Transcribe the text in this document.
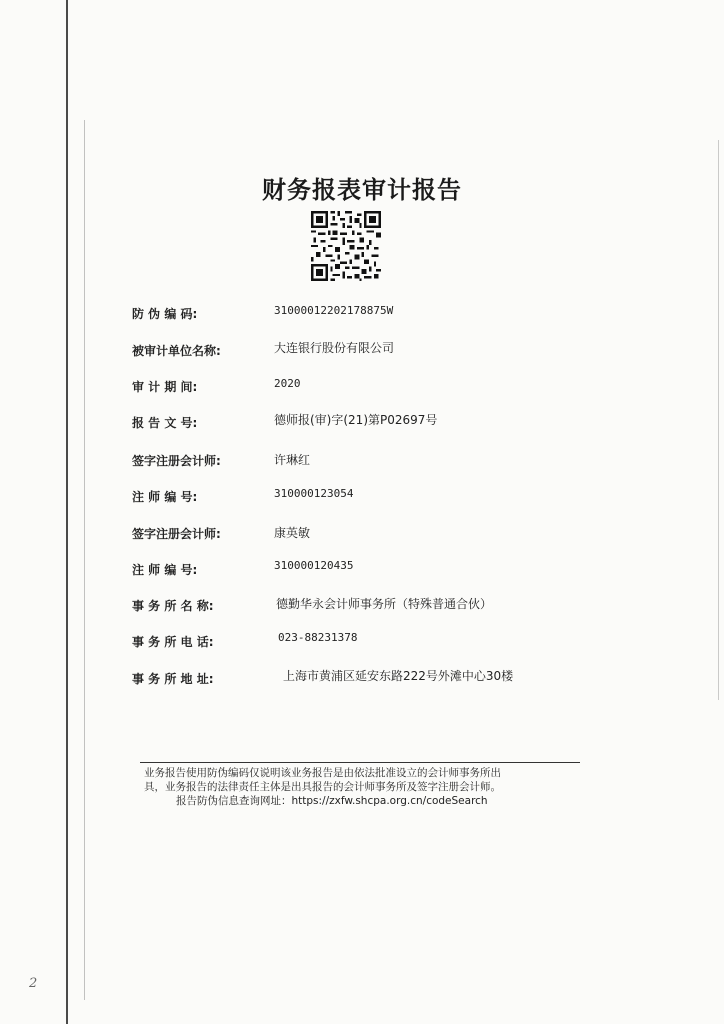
财务报表审计报告
防 伪 编 码:
被审计单位名称:
审 计 期 间:
报 告 文 号:
签字注册会计师:
注 师 编 号:
签字注册会计师:
注 师 编 号:
事 务 所 名 称:
事 务 所 电 话:
事 务 所 地 址:
31000012202178875W
大连银行股份有限公司
2020
德师报(审)字(21)第P02697号
许琳红
310000123054
康英敏
310000120435
德勤华永会计师事务所（特殊普通合伙）
023-88231378
上海市黄浦区延安东路222号外滩中心30楼
业务报告使用防伪编码仅说明该业务报告是由依法批准设立的会计师事务所出
具，业务报告的法律责任主体是出具报告的会计师事务所及签字注册会计师。
报告防伪信息查询网址：https://zxfw.shcpa.org.cn/codeSearch
2
